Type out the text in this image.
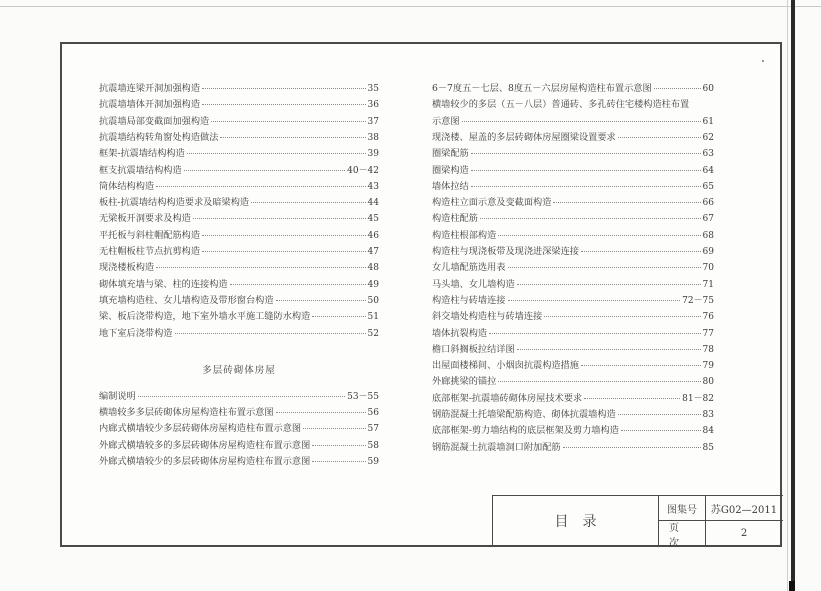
抗震墙连梁开洞加强构造	35
抗震墙墙体开洞加强构造	36
抗震墙局部变截面加强构造	37
抗震墙结构转角窗处构造做法	38
框架-抗震墙结构构造	39
框支抗震墙结构构造	40－42
筒体结构构造	43
板柱-抗震墙结构构造要求及暗梁构造	44
无梁板开洞要求及构造	45
平托板与斜柱帽配筋构造	46
无柱帽板柱节点抗剪构造	47
现浇楼板构造	48
砌体填充墙与梁、柱的连接构造	49
填充墙构造柱、女儿墙构造及带形窗台构造	50
梁、板后浇带构造，地下室外墙水平施工缝防水构造	51
地下室后浇带构造	52
多层砖砌体房屋
编制说明	53－55
横墙较多多层砖砌体房屋构造柱布置示意图	56
内廊式横墙较少多层砖砌体房屋构造柱布置示意图	57
外廊式横墙较多的多层砖砌体房屋构造柱布置示意图	58
外廊式横墙较少的多层砖砌体房屋构造柱布置示意图	59
6－7度五－七层、8度五－六层房屋构造柱布置示意图	60
横墙较少的多层（五－八层）普通砖、多孔砖住宅楼构造柱布置
示意图	61
现浇楼、屋盖的多层砖砌体房屋圈梁设置要求	62
圈梁配筋	63
圈梁构造	64
墙体拉结	65
构造柱立面示意及变截面构造	66
构造柱配筋	67
构造柱根部构造	68
构造柱与现浇板带及现浇进深梁连接	69
女儿墙配筋选用表	70
马头墙、女儿墙构造	71
构造柱与砖墙连接	72－75
斜交墙处构造柱与砖墙连接	76
墙体抗裂构造	77
檐口斜搁板拉结详图	78
出屋面楼梯间、小烟囱抗震构造措施	79
外廊挑梁的锚拉	80
底部框架-抗震墙砖砌体房屋技术要求	81－82
钢筋混凝土托墙梁配筋构造、砌体抗震墙构造	83
底部框架-剪力墙结构的底层框架及剪力墙构造	84
钢筋混凝土抗震墙洞口附加配筋	85
目录
图集号	苏G02—2011
页次
2
